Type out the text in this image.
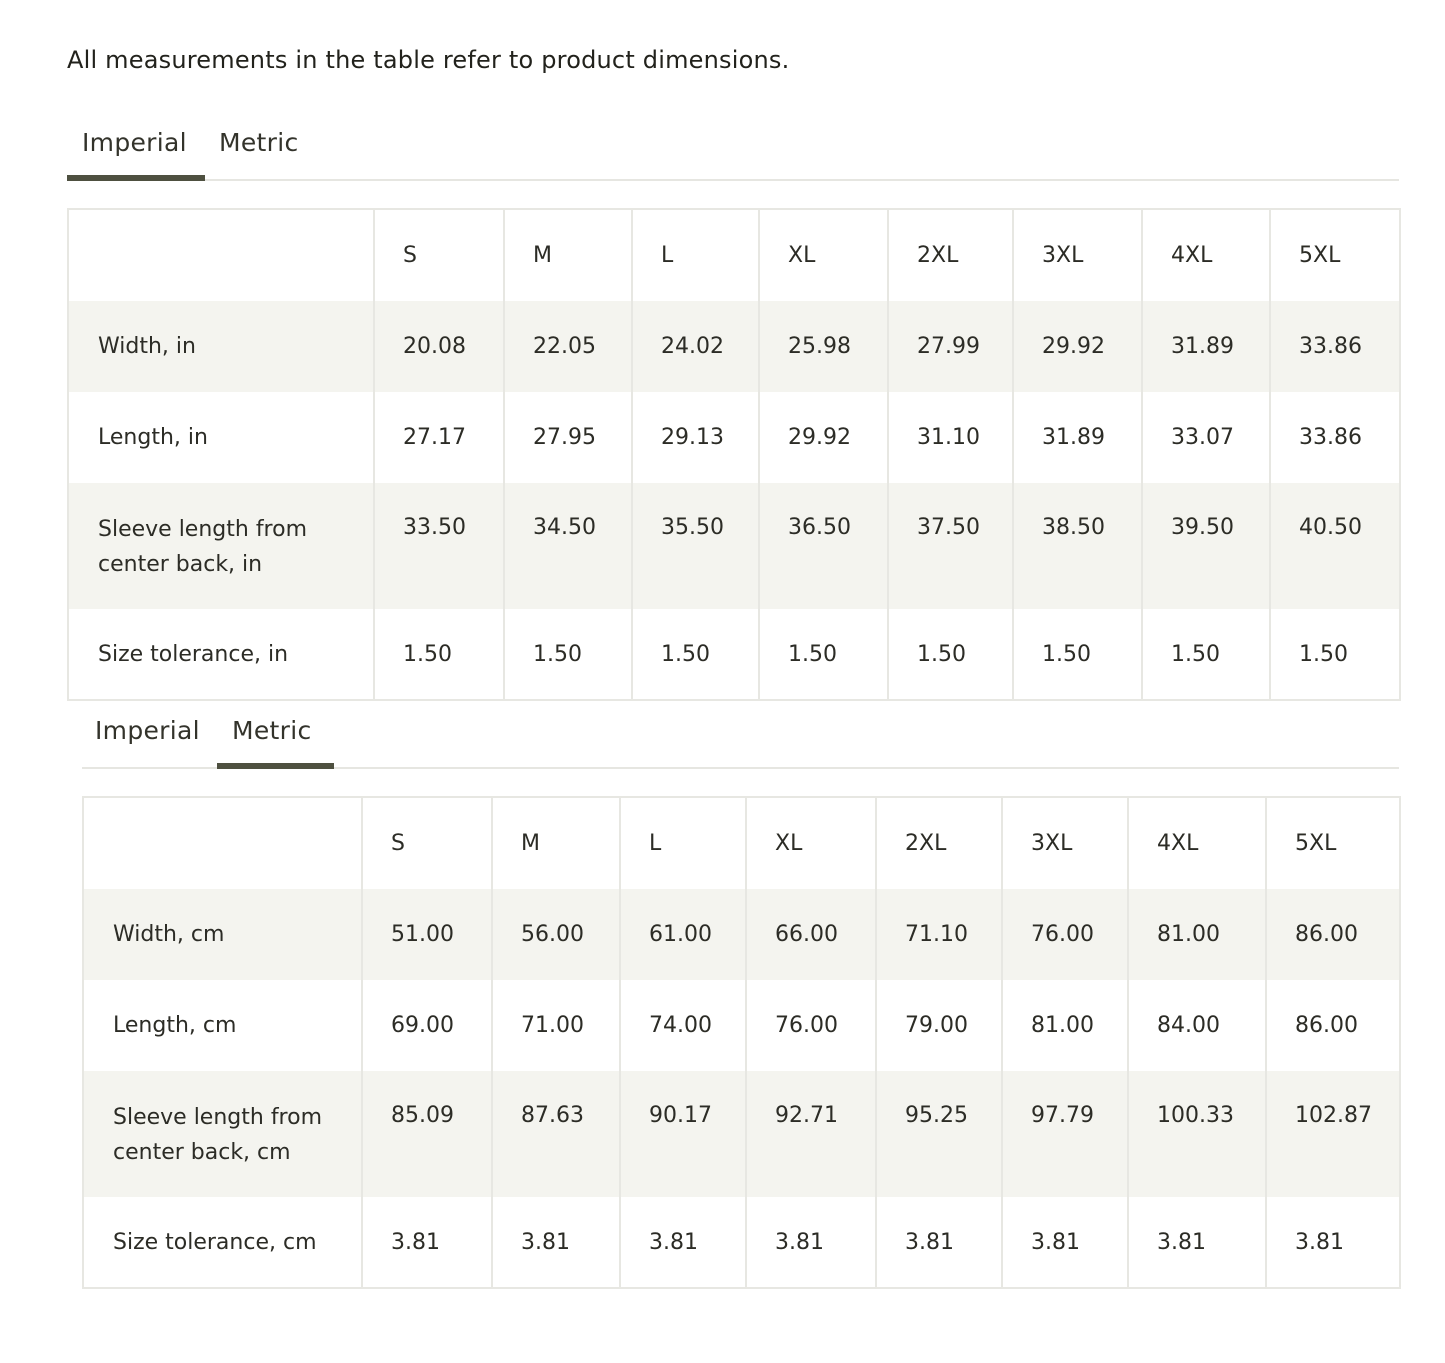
All measurements in the table refer to product dimensions.
Imperial Metric
	S	M	L	XL	2XL	3XL	4XL	5XL
Width, in	20.08	22.05	24.02	25.98	27.99	29.92	31.89	33.86
Length, in	27.17	27.95	29.13	29.92	31.10	31.89	33.07	33.86
Sleeve length from center back, in	33.50	34.50	35.50	36.50	37.50	38.50	39.50	40.50
Size tolerance, in	1.50	1.50	1.50	1.50	1.50	1.50	1.50	1.50
Imperial Metric
	S	M	L	XL	2XL	3XL	4XL	5XL
Width, cm	51.00	56.00	61.00	66.00	71.10	76.00	81.00	86.00
Length, cm	69.00	71.00	74.00	76.00	79.00	81.00	84.00	86.00
Sleeve length from center back, cm	85.09	87.63	90.17	92.71	95.25	97.79	100.33	102.87
Size tolerance, cm	3.81	3.81	3.81	3.81	3.81	3.81	3.81	3.81
